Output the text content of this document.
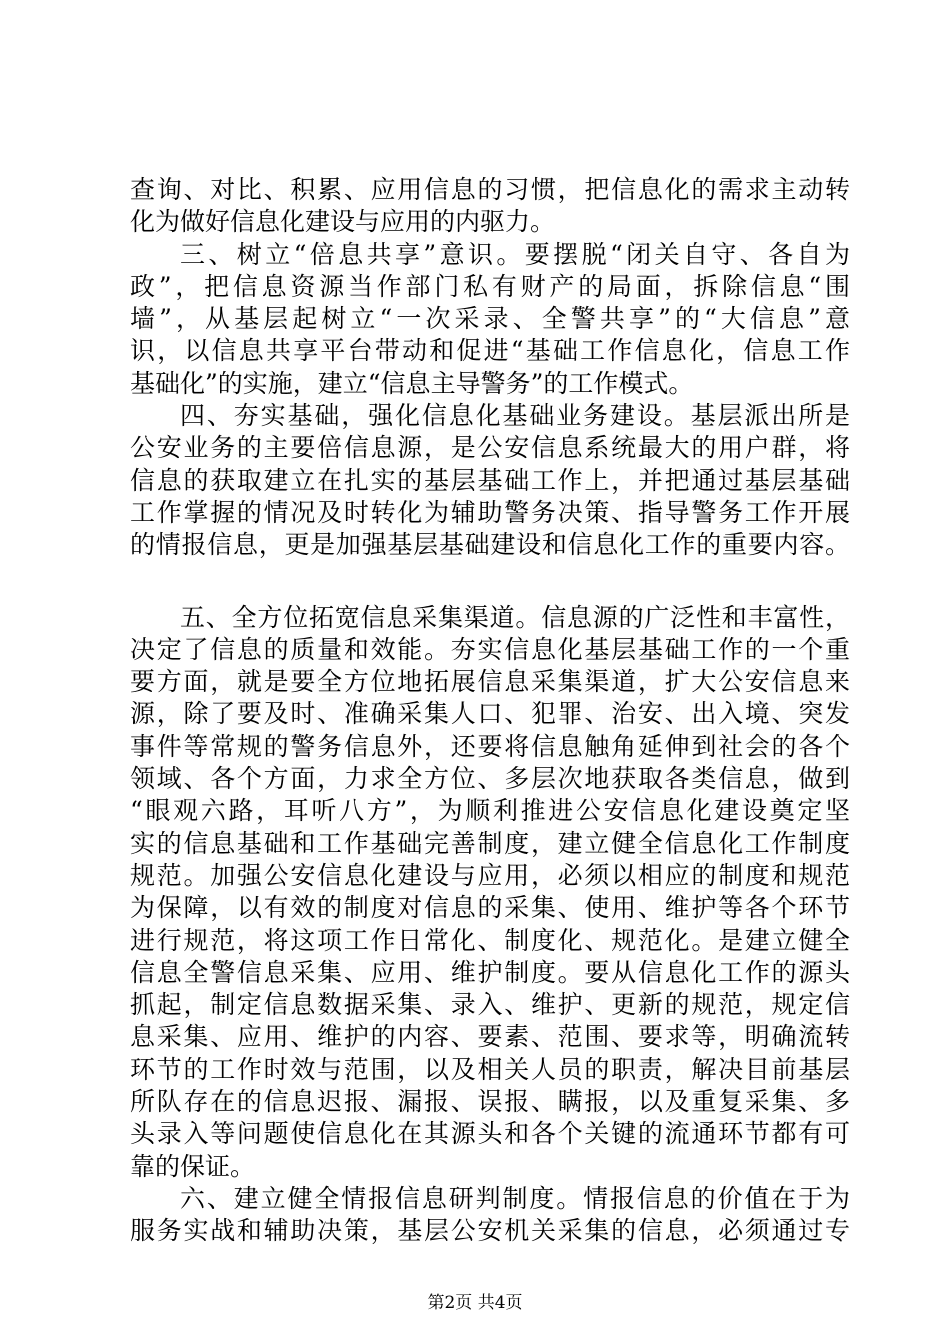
查询、对比、积累、应用信息的习惯，把信息化的需求主动转
化为做好信息化建设与应用的内驱力。
三、树立“倍息共享”意识。要摆脱“闭关自守、各自为
政”，把信息资源当作部门私有财产的局面，拆除信息“围
墙”，从基层起树立“一次采录、全警共享”的“大信息”意
识，以信息共享平台带动和促进“基础工作信息化，信息工作
基础化”的实施，建立“信息主导警务”的工作模式。
四、夯实基础，强化信息化基础业务建设。基层派出所是
公安业务的主要倍信息源，是公安信息系统最大的用户群，将
信息的获取建立在扎实的基层基础工作上，并把通过基层基础
工作掌握的情况及时转化为辅助警务决策、指导警务工作开展
的情报信息，更是加强基层基础建设和信息化工作的重要内容。
五、全方位拓宽信息采集渠道。信息源的广泛性和丰富性，
决定了信息的质量和效能。夯实信息化基层基础工作的一个重
要方面，就是要全方位地拓展信息采集渠道，扩大公安信息来
源，除了要及时、准确采集人口、犯罪、治安、出入境、突发
事件等常规的警务信息外，还要将信息触角延伸到社会的各个
领域、各个方面，力求全方位、多层次地获取各类信息，做到
“眼观六路，耳听八方”，为顺利推进公安信息化建设奠定坚
实的信息基础和工作基础完善制度，建立健全信息化工作制度
规范。加强公安信息化建设与应用，必须以相应的制度和规范
为保障，以有效的制度对信息的采集、使用、维护等各个环节
进行规范，将这项工作日常化、制度化、规范化。是建立健全
信息全警信息采集、应用、维护制度。要从信息化工作的源头
抓起，制定信息数据采集、录入、维护、更新的规范，规定信
息采集、应用、维护的内容、要素、范围、要求等，明确流转
环节的工作时效与范围，以及相关人员的职责，解决目前基层
所队存在的信息迟报、漏报、误报、瞒报，以及重复采集、多
头录入等问题使信息化在其源头和各个关键的流通环节都有可
靠的保证。
六、建立健全情报信息研判制度。情报信息的价值在于为
服务实战和辅助决策，基层公安机关采集的信息，必须通过专
第2页 共4页
